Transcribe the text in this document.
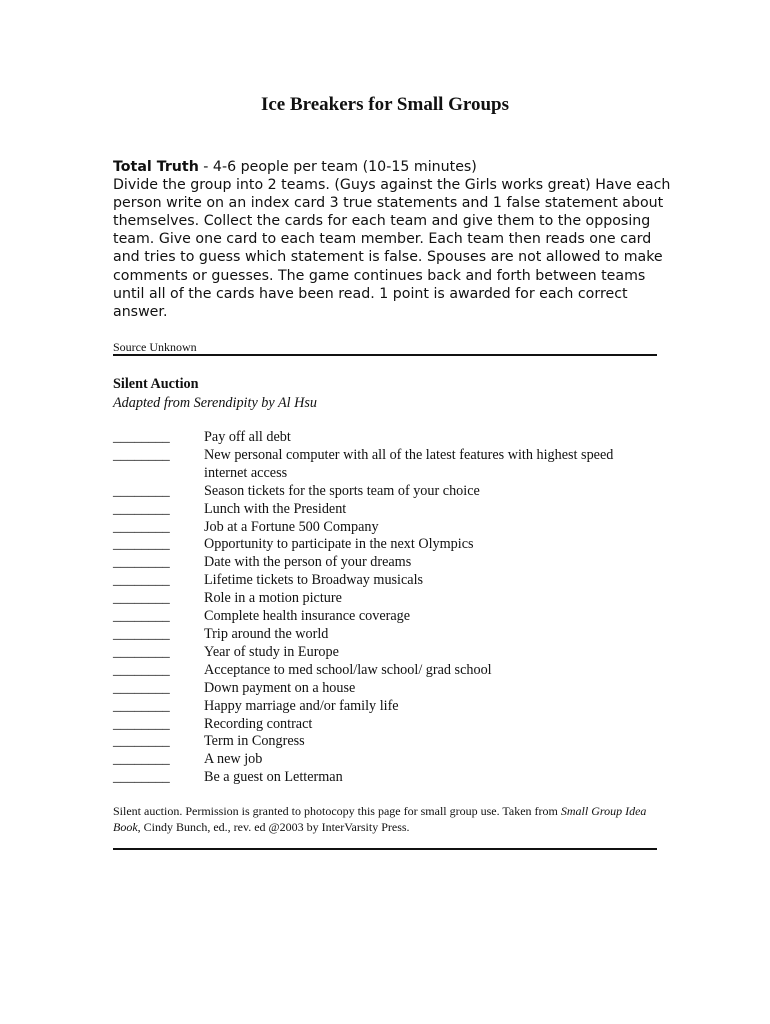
Ice Breakers for Small Groups
Total Truth - 4-6 people per team (10-15 minutes)
Divide the group into 2 teams. (Guys against the Girls works great) Have each person write on an index card 3 true statements and 1 false statement about themselves. Collect the cards for each team and give them to the opposing team. Give one card to each team member. Each team then reads one card and tries to guess which statement is false. Spouses are not allowed to make comments or guesses. The game continues back and forth between teams until all of the cards have been read. 1 point is awarded for each correct answer.
Source Unknown
Silent Auction
Adapted from Serendipity by Al Hsu
________	Pay off all debt
________	New personal computer with all of the latest features with highest speed internet access
________	Season tickets for the sports team of your choice
________	Lunch with the President
________	Job at a Fortune 500 Company
________	Opportunity to participate in the next Olympics
________	Date with the person of your dreams
________	Lifetime tickets to Broadway musicals
________	Role in a motion picture
________	Complete health insurance coverage
________	Trip around the world
________	Year of study in Europe
________	Acceptance to med school/law school/ grad school
________	Down payment on a house
________	Happy marriage and/or family life
________	Recording contract
________	Term in Congress
________	A new job
________	Be a guest on Letterman
Silent auction. Permission is granted to photocopy this page for small group use. Taken from Small Group Idea Book, Cindy Bunch, ed., rev. ed @2003 by InterVarsity Press.
